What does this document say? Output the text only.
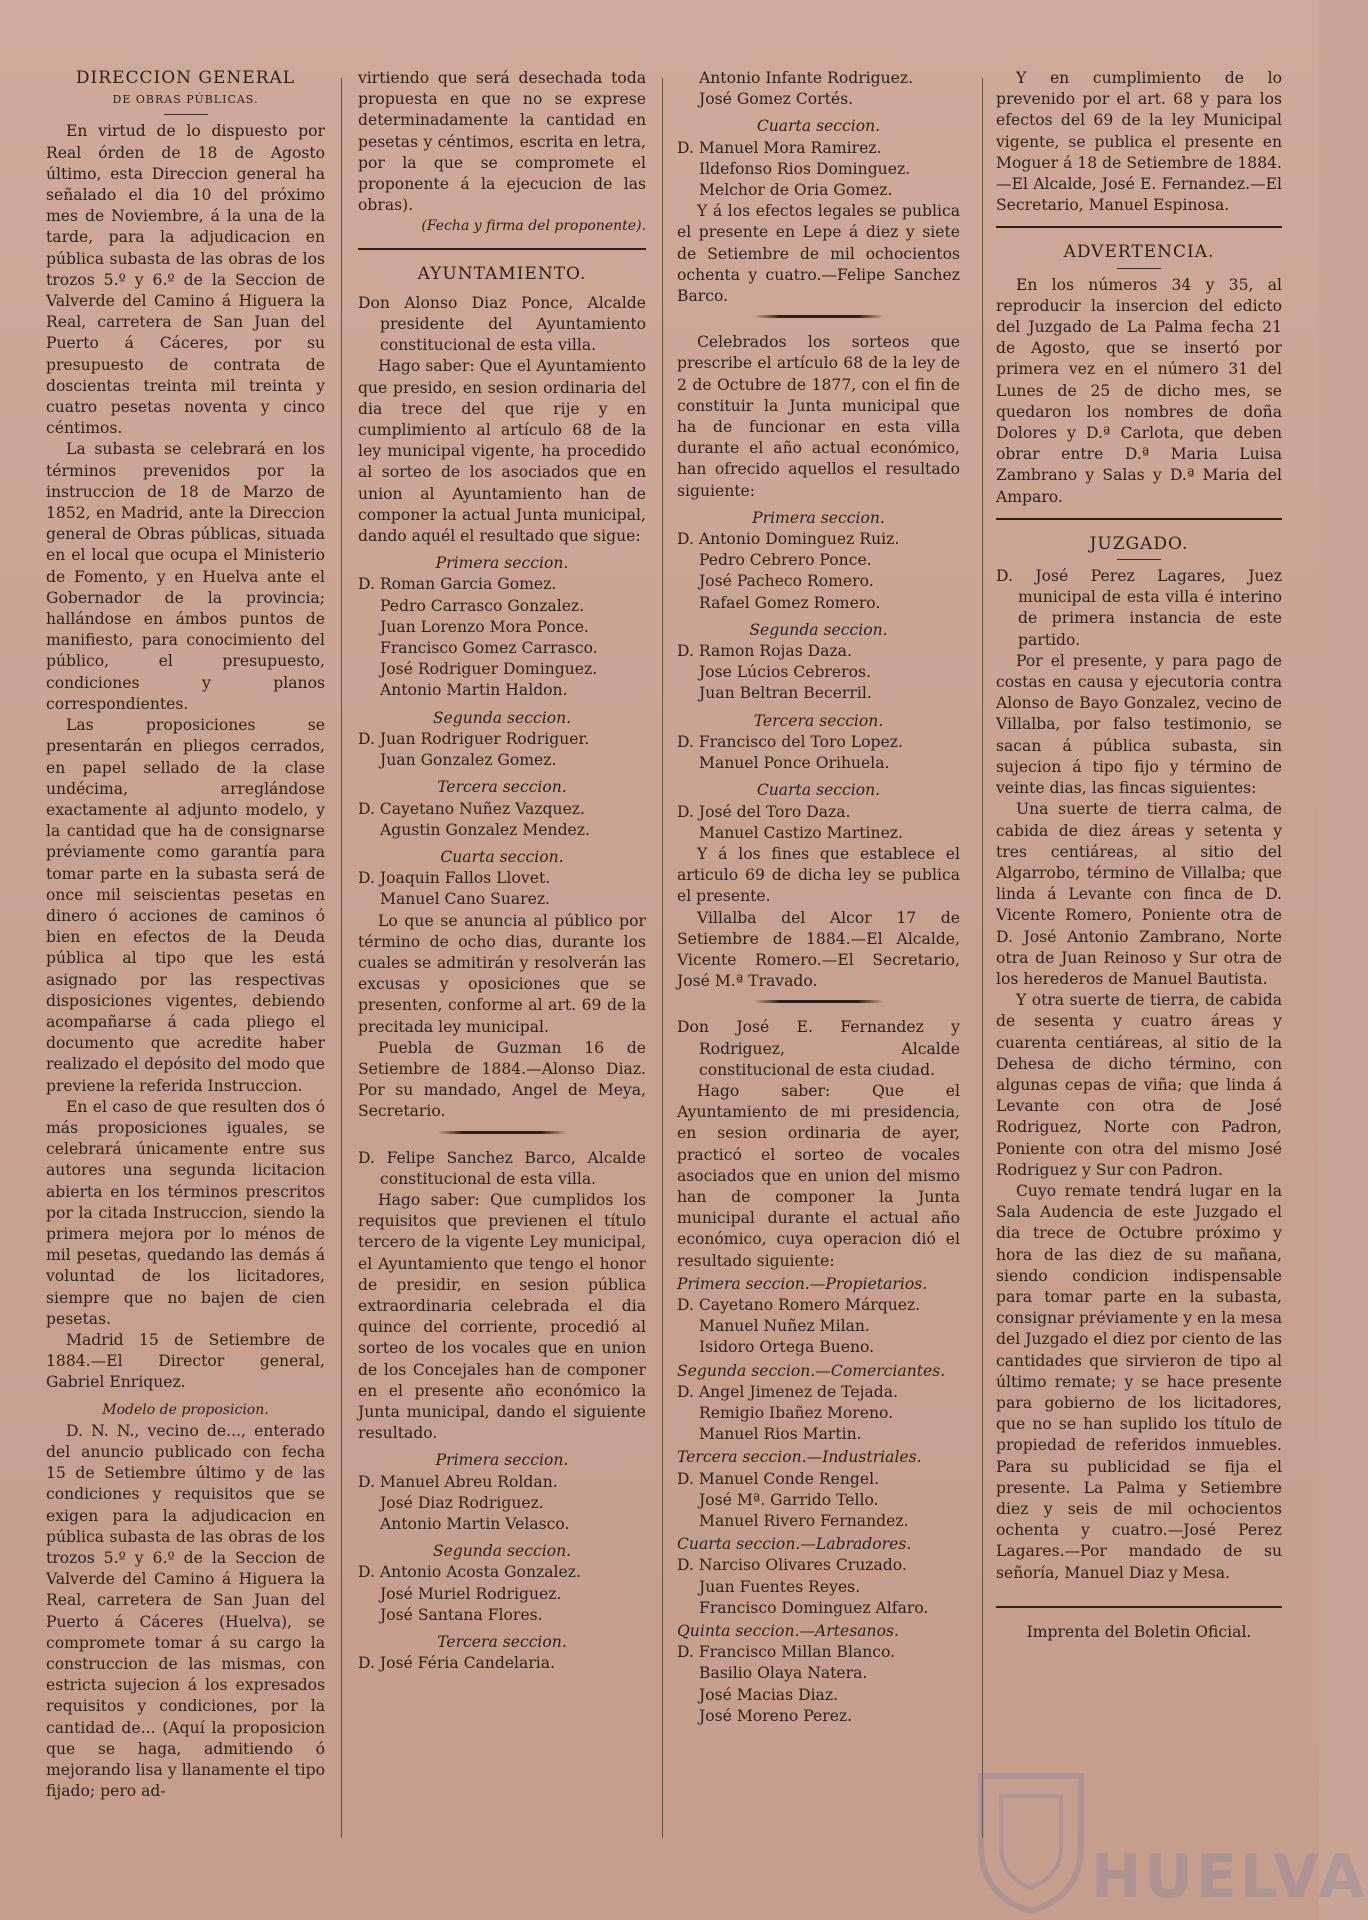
DIRECCION GENERAL

DE OBRAS PÚBLICAS.

En virtud de lo dispuesto por Real órden de 18 de Agosto último, esta Direccion general ha señalado el dia 10 del próximo mes de Noviembre, á la una de la tarde, para la adjudicacion en pública subasta de las obras de los trozos 5.º y 6.º de la Seccion de Valverde del Camino á Higuera la Real, carretera de San Juan del Puerto á Cáceres, por su presupuesto de contrata de doscientas treinta mil treinta y cuatro pesetas noventa y cinco céntimos.

La subasta se celebrará en los términos prevenidos por la instruccion de 18 de Marzo de 1852, en Madrid, ante la Direccion general de Obras públicas, situada en el local que ocupa el Ministerio de Fomento, y en Huelva ante el Gobernador de la provincia; hallándose en ámbos puntos de manifiesto, para conocimiento del público, el presupuesto, condiciones y planos correspondientes.

Las proposiciones se presentarán en pliegos cerrados, en papel sellado de la clase undécima, arreglándose exactamente al adjunto modelo, y la cantidad que ha de consignarse préviamente como garantía para tomar parte en la subasta será de once mil seiscientas pesetas en dinero ó acciones de caminos ó bien en efectos de la Deuda pública al tipo que les está asignado por las respectivas disposiciones vigentes, debiendo acompañarse á cada pliego el documento que acredite haber realizado el depósito del modo que previene la referida Instruccion.

En el caso de que resulten dos ó más proposiciones iguales, se celebrará únicamente entre sus autores una segunda licitacion abierta en los términos prescritos por la citada Instruccion, siendo la primera mejora por lo ménos de mil pesetas, quedando las demás á voluntad de los licitadores, siempre que no bajen de cien pesetas.

Madrid 15 de Setiembre de 1884.—El Director general, Gabriel Enriquez.

Modelo de proposicion.

D. N. N., vecino de..., enterado del anuncio publicado con fecha 15 de Setiembre último y de las condiciones y requisitos que se exigen para la adjudicacion en pública subasta de las obras de los trozos 5.º y 6.º de la Seccion de Valverde del Camino á Higuera la Real, carretera de San Juan del Puerto á Cáceres (Huelva), se compromete tomar á su cargo la construccion de las mismas, con estricta sujecion á los expresados requisitos y condiciones, por la cantidad de... (Aquí la proposicion que se haga, admitiendo ó mejorando lisa y llanamente el tipo fijado; pero ad-

virtiendo que será desechada toda propuesta en que no se exprese determinadamente la cantidad en pesetas y céntimos, escrita en letra, por la que se compromete el proponente á la ejecucion de las obras).

(Fecha y firma del proponente).

AYUNTAMIENTO.

Don Alonso Diaz Ponce, Alcalde presidente del Ayuntamiento constitucional de esta villa.

Hago saber: Que el Ayuntamiento que presido, en sesion ordinaria del dia trece del que rije y en cumplimiento al artículo 68 de la ley municipal vigente, ha procedido al sorteo de los asociados que en union al Ayuntamiento han de componer la actual Junta municipal, dando aquél el resultado que sigue:

Primera seccion.

D. Roman Garcia Gomez.

Pedro Carrasco Gonzalez.

Juan Lorenzo Mora Ponce.

Francisco Gomez Carrasco.

José Rodriguer Dominguez.

Antonio Martin Haldon.

Segunda seccion.

D. Juan Rodriguer Rodriguer.

Juan Gonzalez Gomez.

Tercera seccion.

D. Cayetano Nuñez Vazquez.

Agustin Gonzalez Mendez.

Cuarta seccion.

D. Joaquin Fallos Llovet.

Manuel Cano Suarez.

Lo que se anuncia al público por término de ocho dias, durante los cuales se admitirán y resolverán las excusas y oposiciones que se presenten, conforme al art. 69 de la precitada ley municipal.

Puebla de Guzman 16 de Setiembre de 1884.—Alonso Diaz. Por su mandado, Angel de Meya, Secretario.

D. Felipe Sanchez Barco, Alcalde constitucional de esta villa.

Hago saber: Que cumplidos los requisitos que previenen el título tercero de la vigente Ley municipal, el Ayuntamiento que tengo el honor de presidir, en sesion pública extraordinaria celebrada el dia quince del corriente, procedió al sorteo de los vocales que en union de los Concejales han de componer en el presente año económico la Junta municipal, dando el siguiente resultado.

Primera seccion.

D. Manuel Abreu Roldan.

José Diaz Rodriguez.

Antonio Martin Velasco.

Segunda seccion.

D. Antonio Acosta Gonzalez.

José Muriel Rodriguez.

José Santana Flores.

Tercera seccion.

D. José Féria Candelaria.

Antonio Infante Rodriguez.

José Gomez Cortés.

Cuarta seccion.

D. Manuel Mora Ramirez.

Ildefonso Rios Dominguez.

Melchor de Oria Gomez.

Y á los efectos legales se publica el presente en Lepe á diez y siete de Setiembre de mil ochocientos ochenta y cuatro.—Felipe Sanchez Barco.

Celebrados los sorteos que prescribe el artículo 68 de la ley de 2 de Octubre de 1877, con el fin de constituir la Junta municipal que ha de funcionar en esta villa durante el año actual económico, han ofrecido aquellos el resultado siguiente:

Primera seccion.

D. Antonio Dominguez Ruiz.

Pedro Cebrero Ponce.

José Pacheco Romero.

Rafael Gomez Romero.

Segunda seccion.

D. Ramon Rojas Daza.

Jose Lúcios Cebreros.

Juan Beltran Becerril.

Tercera seccion.

D. Francisco del Toro Lopez.

Manuel Ponce Orihuela.

Cuarta seccion.

D. José del Toro Daza.

Manuel Castizo Martinez.

Y á los fines que establece el articulo 69 de dicha ley se publica el presente.

Villalba del Alcor 17 de Setiembre de 1884.—El Alcalde, Vicente Romero.—El Secretario, José M.ª Travado.

Don José E. Fernandez y Rodriguez, Alcalde constitucional de esta ciudad.

Hago saber: Que el Ayuntamiento de mi presidencia, en sesion ordinaria de ayer, practicó el sorteo de vocales asociados que en union del mismo han de componer la Junta municipal durante el actual año económico, cuya operacion dió el resultado siguiente:

Primera seccion.—Propietarios.

D. Cayetano Romero Márquez.

Manuel Nuñez Milan.

Isidoro Ortega Bueno.

Segunda seccion.—Comerciantes.

D. Angel Jimenez de Tejada.

Remigio Ibañez Moreno.

Manuel Rios Martin.

Tercera seccion.—Industriales.

D. Manuel Conde Rengel.

José Mª. Garrido Tello.

Manuel Rivero Fernandez.

Cuarta seccion.—Labradores.

D. Narciso Olivares Cruzado.

Juan Fuentes Reyes.

Francisco Dominguez Alfaro.

Quinta seccion.—Artesanos.

D. Francisco Millan Blanco.

Basilio Olaya Natera.

José Macias Diaz.

José Moreno Perez.

Y en cumplimiento de lo prevenido por el art. 68 y para los efectos del 69 de la ley Municipal vigente, se publica el presente en Moguer á 18 de Setiembre de 1884.—El Alcalde, José E. Fernandez.—El Secretario, Manuel Espinosa.

ADVERTENCIA.

En los números 34 y 35, al reproducir la insercion del edicto del Juzgado de La Palma fecha 21 de Agosto, que se insertó por primera vez en el número 31 del Lunes de 25 de dicho mes, se quedaron los nombres de doña Dolores y D.ª Carlota, que deben obrar entre D.ª Maria Luisa Zambrano y Salas y D.ª Maria del Amparo.

JUZGADO.

D. José Perez Lagares, Juez municipal de esta villa é interino de primera instancia de este partido.

Por el presente, y para pago de costas en causa y ejecutoria contra Alonso de Bayo Gonzalez, vecino de Villalba, por falso testimonio, se sacan á pública subasta, sin sujecion á tipo fijo y término de veinte dias, las fincas siguientes:

Una suerte de tierra calma, de cabida de diez áreas y setenta y tres centiáreas, al sitio del Algarrobo, término de Villalba; que linda á Levante con finca de D. Vicente Romero, Poniente otra de D. José Antonio Zambrano, Norte otra de Juan Reinoso y Sur otra de los herederos de Manuel Bautista.

Y otra suerte de tierra, de cabida de sesenta y cuatro áreas y cuarenta centiáreas, al sitio de la Dehesa de dicho término, con algunas cepas de viña; que linda á Levante con otra de José Rodriguez, Norte con Padron, Poniente con otra del mismo José Rodriguez y Sur con Padron.

Cuyo remate tendrá lugar en la Sala Audencia de este Juzgado el dia trece de Octubre próximo y hora de las diez de su mañana, siendo condicion indispensable para tomar parte en la subasta, consignar préviamente y en la mesa del Juzgado el diez por ciento de las cantidades que sirvieron de tipo al último remate; y se hace presente para gobierno de los licitadores, que no se han suplido los título de propiedad de referidos inmuebles. Para su publicidad se fija el presente. La Palma y Setiembre diez y seis de mil ochocientos ochenta y cuatro.—José Perez Lagares.—Por mandado de su señoría, Manuel Diaz y Mesa.

Imprenta del Boletin Oficial.

HUELVA
